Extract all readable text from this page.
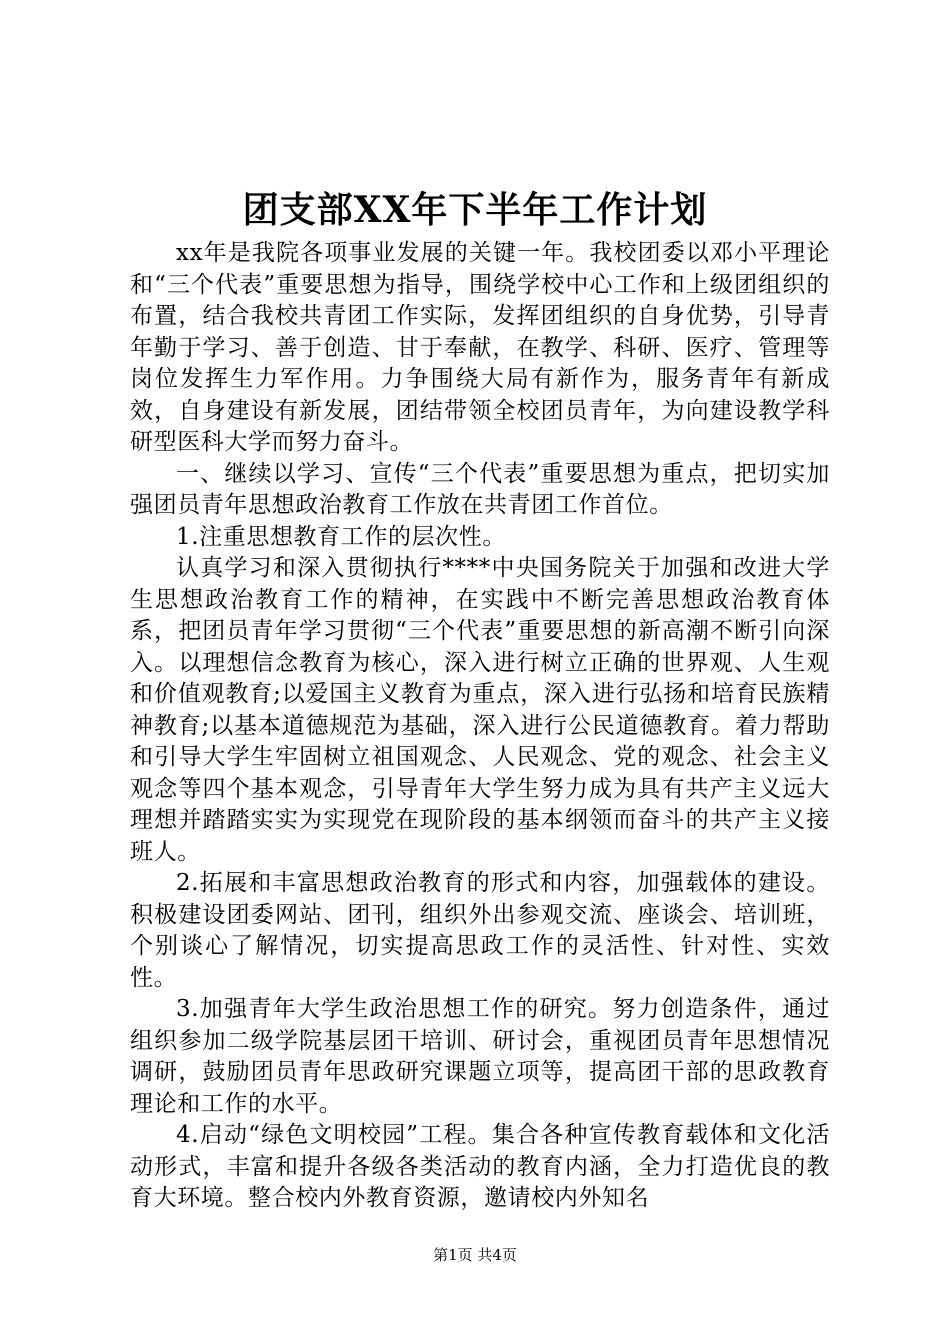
团支部XX年下半年工作计划

xx年是我院各项事业发展的关键一年。我校团委以邓小平理论和“三个代表”重要思想为指导，围绕学校中心工作和上级团组织的布置，结合我校共青团工作实际，发挥团组织的自身优势，引导青年勤于学习、善于创造、甘于奉献，在教学、科研、医疗、管理等岗位发挥生力军作用。力争围绕大局有新作为，服务青年有新成效，自身建设有新发展，团结带领全校团员青年，为向建设教学科研型医科大学而努力奋斗。

一、继续以学习、宣传“三个代表”重要思想为重点，把切实加强团员青年思想政治教育工作放在共青团工作首位。

1.注重思想教育工作的层次性。

认真学习和深入贯彻执行****中央国务院关于加强和改进大学生思想政治教育工作的精神，在实践中不断完善思想政治教育体系，把团员青年学习贯彻“三个代表”重要思想的新高潮不断引向深入。以理想信念教育为核心，深入进行树立正确的世界观、人生观和价值观教育;以爱国主义教育为重点，深入进行弘扬和培育民族精神教育;以基本道德规范为基础，深入进行公民道德教育。着力帮助和引导大学生牢固树立祖国观念、人民观念、党的观念、社会主义观念等四个基本观念，引导青年大学生努力成为具有共产主义远大理想并踏踏实实为实现党在现阶段的基本纲领而奋斗的共产主义接班人。

2.拓展和丰富思想政治教育的形式和内容，加强载体的建设。积极建设团委网站、团刊，组织外出参观交流、座谈会、培训班，个别谈心了解情况，切实提高思政工作的灵活性、针对性、实效性。

3.加强青年大学生政治思想工作的研究。努力创造条件，通过组织参加二级学院基层团干培训、研讨会，重视团员青年思想情况调研，鼓励团员青年思政研究课题立项等，提高团干部的思政教育理论和工作的水平。

4.启动“绿色文明校园”工程。集合各种宣传教育载体和文化活动形式，丰富和提升各级各类活动的教育内涵，全力打造优良的教育大环境。整合校内外教育资源，邀请校内外知名

第1页 共4页
